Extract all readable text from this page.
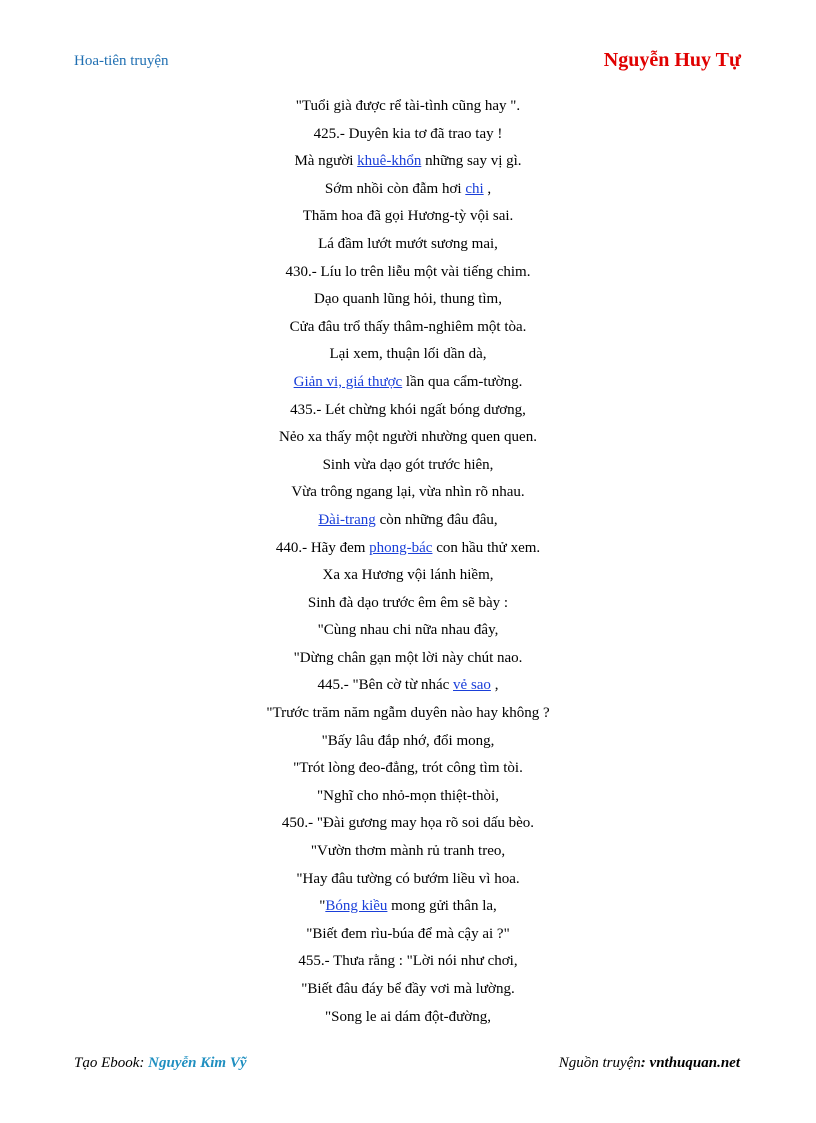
Hoa-tiên truyện	Nguyễn Huy Tự
"Tuổi già được rể tài-tình cũng hay ".
425.- Duyên kia tơ đã trao tay !
Mà người khuê-khổn những say vị gì.
Sớm nhồi còn đẫm hơi chi ,
Thăm hoa đã gọi Hương-tỳ vội sai.
Lá đầm lướt mướt sương mai,
430.- Líu lo trên liễu một vài tiếng chim.
Dạo quanh lũng hỏi, thung tìm,
Cửa đâu trổ thấy thâm-nghiêm một tòa.
Lại xem, thuận lối dần dà,
Giản vi, giá thược lần qua cẩm-tường.
435.- Lét chừng khói ngất bóng dương,
Nẻo xa thấy một người nhường quen quen.
Sinh vừa dạo gót trước hiên,
Vừa trông ngang lại, vừa nhìn rõ nhau.
Đài-trang còn những đâu đâu,
440.- Hãy đem phong-bác con hầu thử xem.
Xa xa Hương vội lánh hiềm,
Sinh đà dạo trước êm êm sẽ bày :
"Cùng nhau chi nữa nhau đây,
"Dừng chân gạn một lời này chút nao.
445.- "Bên cờ từ nhác vẻ sao ,
"Trước trăm năm ngẫm duyên nào hay không ?
"Bấy lâu đắp nhớ, đổi mong,
"Trót lòng đeo-đẳng, trót công tìm tòi.
"Nghĩ cho nhỏ-mọn thiệt-thòi,
450.- "Đài gương may họa rõ soi dấu bèo.
"Vườn thơm mành rủ tranh treo,
"Hay đâu tường có bướm liều vì hoa.
"Bóng kiều mong gửi thân la,
"Biết đem rìu-búa để mà cậy ai ?"
455.- Thưa rằng : "Lời nói như chơi,
"Biết đâu đáy bể đầy vơi mà lường.
"Song le ai dám đột-đường,
Tạo Ebook: Nguyễn Kim Vỹ	Nguồn truyện: vnthuquan.net
